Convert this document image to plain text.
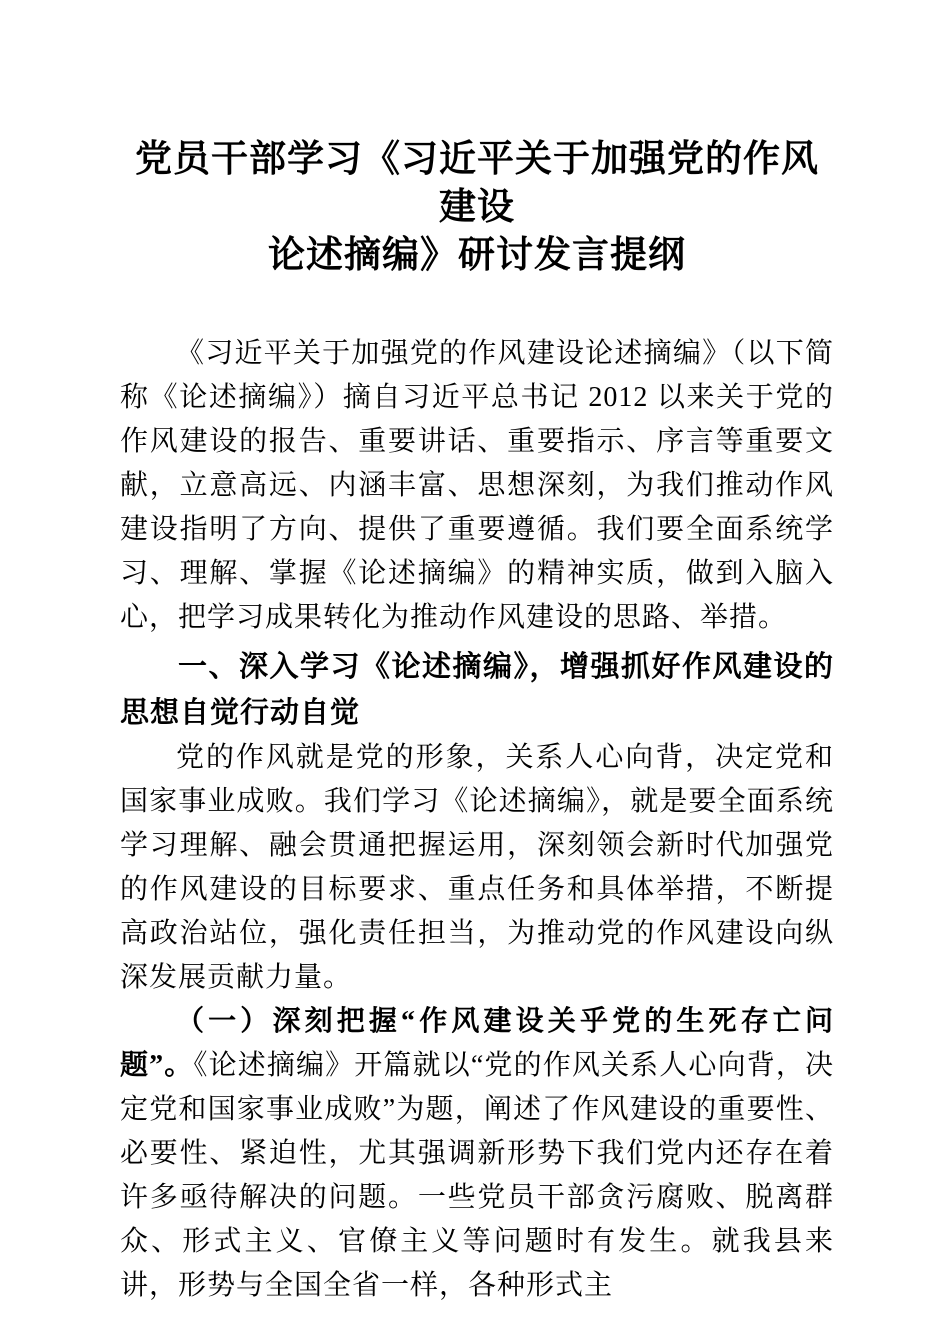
党员干部学习《习近平关于加强党的作风建设
论述摘编》研讨发言提纲

《习近平关于加强党的作风建设论述摘编》（以下简称《论述摘编》）摘自习近平总书记 2012 以来关于党的作风建设的报告、重要讲话、重要指示、序言等重要文献，立意高远、内涵丰富、思想深刻，为我们推动作风建设指明了方向、提供了重要遵循。我们要全面系统学习、理解、掌握《论述摘编》的精神实质，做到入脑入心，把学习成果转化为推动作风建设的思路、举措。

一、深入学习《论述摘编》，增强抓好作风建设的思想自觉行动自觉

党的作风就是党的形象，关系人心向背，决定党和国家事业成败。我们学习《论述摘编》，就是要全面系统学习理解、融会贯通把握运用，深刻领会新时代加强党的作风建设的目标要求、重点任务和具体举措，不断提高政治站位，强化责任担当，为推动党的作风建设向纵深发展贡献力量。

（一）深刻把握“作风建设关乎党的生死存亡问题”。《论述摘编》开篇就以“党的作风关系人心向背，决定党和国家事业成败”为题，阐述了作风建设的重要性、必要性、紧迫性，尤其强调新形势下我们党内还存在着许多亟待解决的问题。一些党员干部贪污腐败、脱离群众、形式主义、官僚主义等问题时有发生。就我县来讲，形势与全国全省一样，各种形式主
